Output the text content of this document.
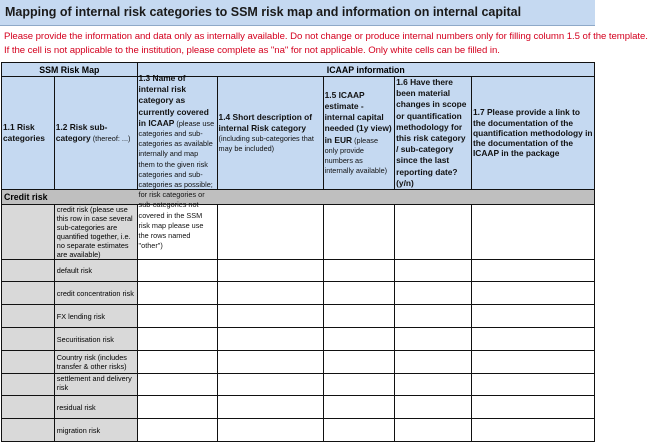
Mapping of internal risk categories to SSM risk map and information on internal capital
Please provide the information and data only as internally available. Do not change or produce internal numbers only for filling column 1.5 of the template.
If the cell is not applicable to the institution, please complete as "na" for not applicable. Only white cells can be filled in.
SSM Risk Map		ICAAP information				

1.1 Risk categories	1.2 Risk sub-category (thereof: ...)	1.3 Name of internal risk category as currently covered in ICAAP (please use categories and sub-categories as available internally and map them to the given risk categories and sub-categories as possible; for risk categories or sub-categories not covered in the SSM risk map please use the rows named "other")	1.4 Short description of internal Risk category (including sub-categories that may be included)	1.5 ICAAP estimate - internal capital needed (1y view) in EUR (please only provide numbers as internally available)	1.6 Have there been material changes in scope or quantification methodology for this risk category / sub-category since the last reporting date? (y/n)	1.7 Please provide a link to the documentation of the quantification methodology in the documentation of the ICAAP in the package

Credit risk						
	credit risk (please use this row in case several sub-categories are quantified together, i.e. no separate estimates are available)					
	default risk					
	credit concentration risk					
	FX lending risk					
	Securitisation risk					
	Country risk (includes transfer & other risks)					
	settlement and delivery risk					
	residual risk					
	migration risk					
